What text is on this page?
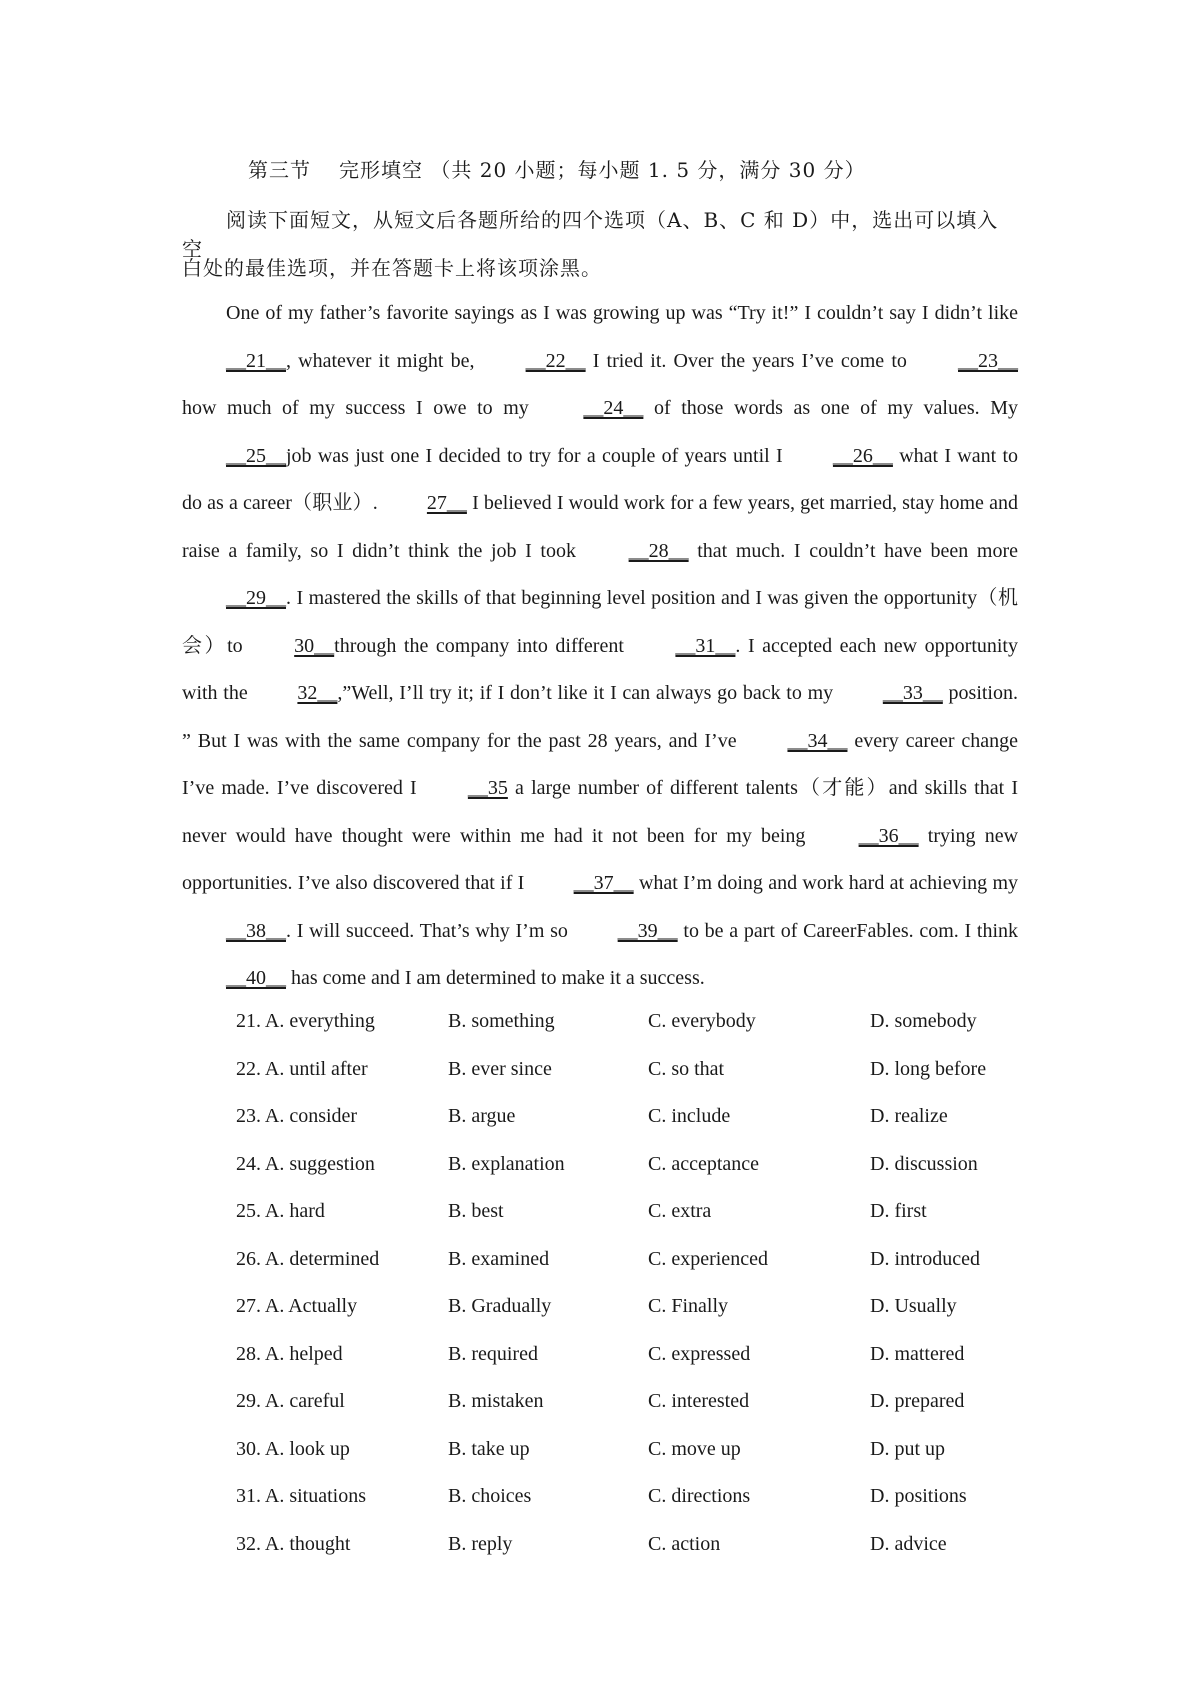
第三节 完形填空 （共 20 小题；每小题 1. 5 分，满分 30 分）
阅读下面短文，从短文后各题所给的四个选项（A、B、C 和 D）中，选出可以填入空
白处的最佳选项，并在答题卡上将该项涂黑。

One of my father’s favorite sayings as I was growing up was “Try it!” I couldn’t say I didn’t like __21__, whatever it might be, __22__ I tried it. Over the years I’ve come to __23__how much of my success I owe to my __24__ of those words as one of my values. My __25__job was just one I decided to try for a couple of years until I __26__ what I want to do as a career（职业）. 27__ I believed I would work for a few years, get married, stay home and raise a family, so I didn’t think the job I took __28__ that much. I couldn’t have been more __29__. I mastered the skills of that beginning level position and I was given the opportunity（机会）to 30__through the company into different __31__. I accepted each new opportunity with the 32__,”Well, I’ll try it; if I don’t like it I can always go back to my __33__ position. ” But I was with the same company for the past 28 years, and I’ve __34__ every career change I’ve made. I’ve discovered I __35 a large number of different talents（才能）and skills that I never would have thought were within me had it not been for my being __36__ trying new opportunities. I’ve also discovered that if I __37__ what I’m doing and work hard at achieving my __38__. I will succeed. That’s why I’m so __39__ to be a part of CareerFables. com. I think __40__ has come and I am determined to make it a success.

21. A. everything	B. something	C. everybody	D. somebody
22. A. until after	B. ever since	C. so that	D. long before
23. A. consider	B. argue	C. include	D. realize
24. A. suggestion	B. explanation	C. acceptance	D. discussion
25. A. hard	B. best	C. extra	D. first
26. A. determined	B. examined	C. experienced	D. introduced
27. A. Actually	B. Gradually	C. Finally	D. Usually
28. A. helped	B. required	C. expressed	D. mattered
29. A. careful	B. mistaken	C. interested	D. prepared
30. A. look up	B. take up	C. move up	D. put up
31. A. situations	B. choices	C. directions	D. positions
32. A. thought	B. reply	C. action	D. advice
